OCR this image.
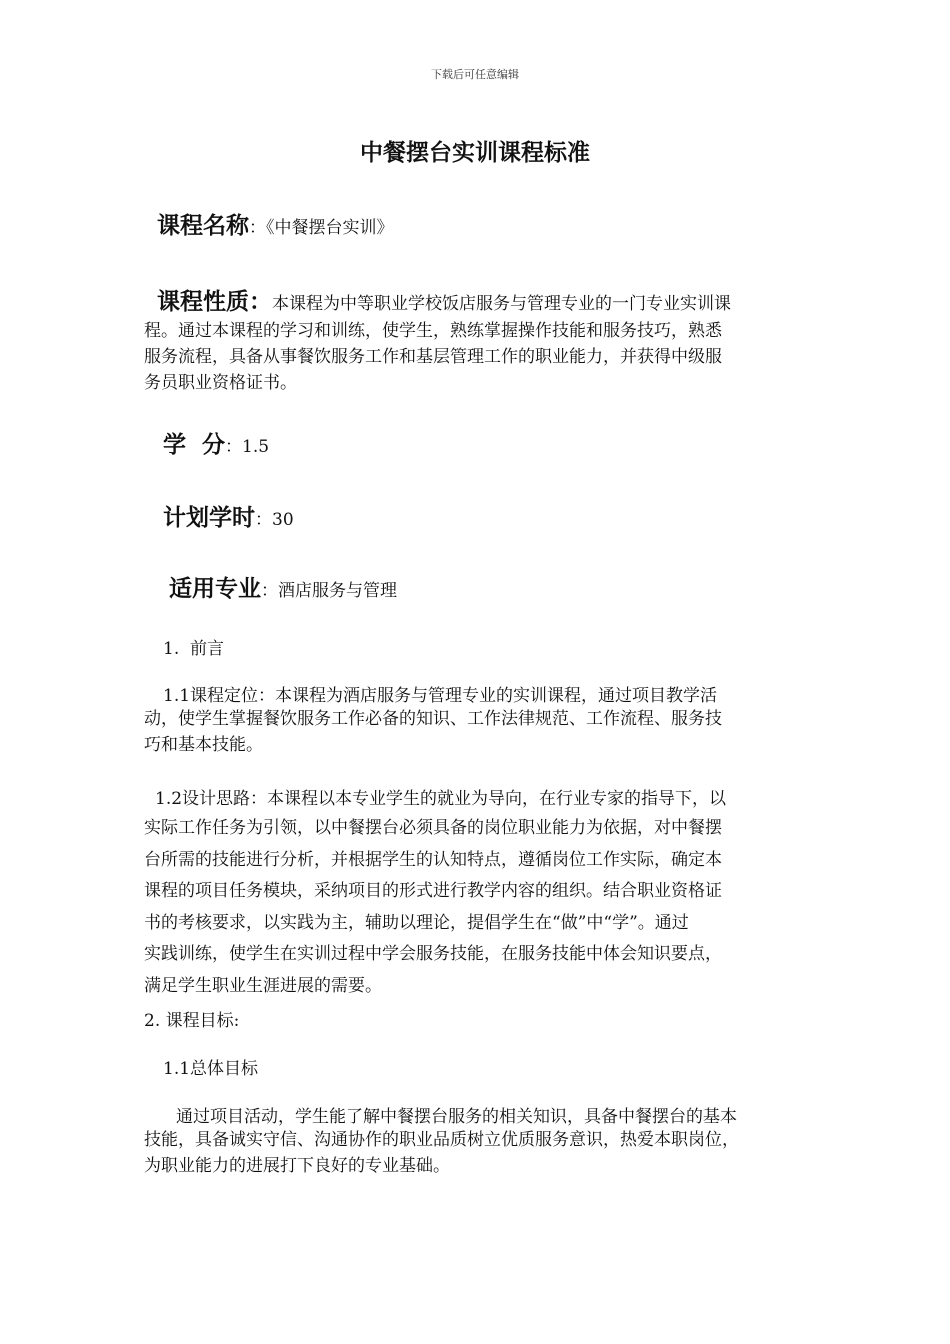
下载后可任意编辑
中餐摆台实训课程标准
课程名称：《中餐摆台实训》
课程性质：本课程为中等职业学校饭店服务与管理专业的一门专业实训课
程。通过本课程的学习和训练，使学生，熟练掌握操作技能和服务技巧，熟悉
服务流程，具备从事餐饮服务工作和基层管理工作的职业能力，并获得中级服
务员职业资格证书。
学  分：1.5
计划学时：30
适用专业：酒店服务与管理
1.  前言
1.1课程定位：本课程为酒店服务与管理专业的实训课程，通过项目教学活
动，使学生掌握餐饮服务工作必备的知识、工作法律规范、工作流程、服务技
巧和基本技能。
1.2设计思路：本课程以本专业学生的就业为导向，在行业专家的指导下，以
实际工作任务为引领，以中餐摆台必须具备的岗位职业能力为依据，对中餐摆
台所需的技能进行分析，并根据学生的认知特点，遵循岗位工作实际，确定本
课程的项目任务模块，采纳项目的形式进行教学内容的组织。结合职业资格证
书的考核要求，以实践为主，辅助以理论，提倡学生在“做”中“学”。通过
实践训练，使学生在实训过程中学会服务技能，在服务技能中体会知识要点，
满足学生职业生涯进展的需要。
2. 课程目标:
1.1总体目标
通过项目活动，学生能了解中餐摆台服务的相关知识，具备中餐摆台的基本
技能，具备诚实守信、沟通协作的职业品质树立优质服务意识，热爱本职岗位，
为职业能力的进展打下良好的专业基础。
